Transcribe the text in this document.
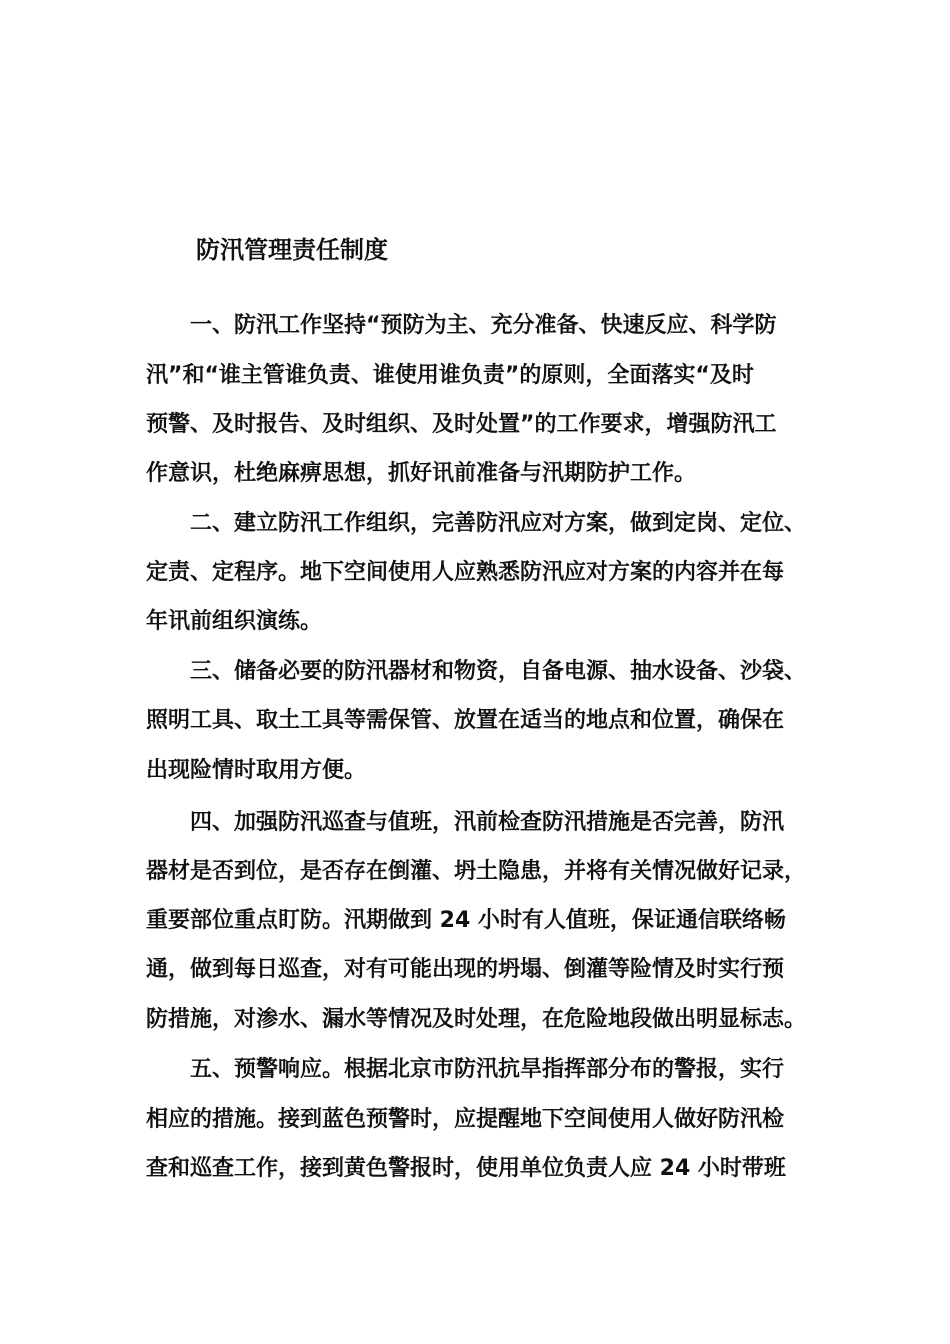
防汛管理责任制度
一、防汛工作坚持“预防为主、充分准备、快速反应、科学防
汛”和“谁主管谁负责、谁使用谁负责”的原则，全面落实“及时
预警、及时报告、及时组织、及时处置”的工作要求，增强防汛工
作意识，杜绝麻痹思想，抓好讯前准备与汛期防护工作。
二、建立防汛工作组织，完善防汛应对方案，做到定岗、定位、
定责、定程序。地下空间使用人应熟悉防汛应对方案的内容并在每
年讯前组织演练。
三、储备必要的防汛器材和物资，自备电源、抽水设备、沙袋、
照明工具、取土工具等需保管、放置在适当的地点和位置，确保在
出现险情时取用方便。
四、加强防汛巡查与值班，汛前检查防汛措施是否完善，防汛
器材是否到位，是否存在倒灌、坍土隐患，并将有关情况做好记录，
重要部位重点盯防。汛期做到 24 小时有人值班，保证通信联络畅
通，做到每日巡查，对有可能出现的坍塌、倒灌等险情及时实行预
防措施，对渗水、漏水等情况及时处理，在危险地段做出明显标志。
五、预警响应。根据北京市防汛抗旱指挥部分布的警报，实行
相应的措施。接到蓝色预警时，应提醒地下空间使用人做好防汛检
查和巡查工作，接到黄色警报时，使用单位负责人应 24 小时带班
